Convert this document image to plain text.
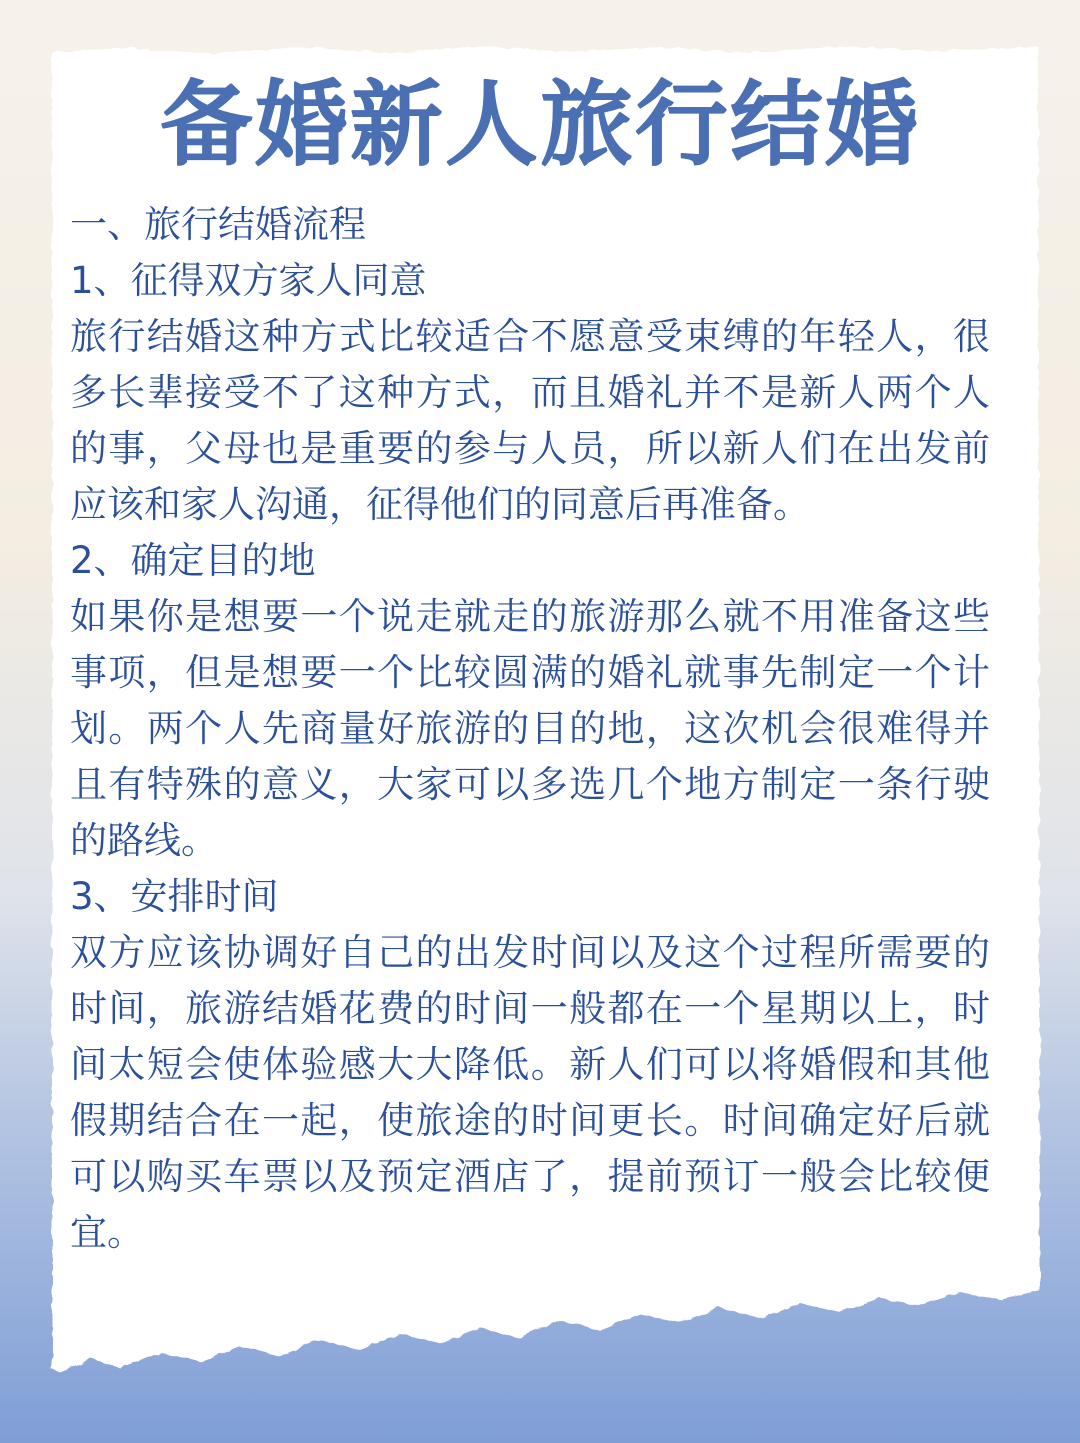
备婚新人旅行结婚

一、旅行结婚流程

1、征得双方家人同意

旅行结婚这种方式比较适合不愿意受束缚的年轻人，很多长辈接受不了这种方式，而且婚礼并不是新人两个人的事，父母也是重要的参与人员，所以新人们在出发前应该和家人沟通，征得他们的同意后再准备。

2、确定目的地

如果你是想要一个说走就走的旅游那么就不用准备这些事项，但是想要一个比较圆满的婚礼就事先制定一个计划。两个人先商量好旅游的目的地，这次机会很难得并且有特殊的意义，大家可以多选几个地方制定一条行驶的路线。

3、安排时间

双方应该协调好自己的出发时间以及这个过程所需要的时间，旅游结婚花费的时间一般都在一个星期以上，时间太短会使体验感大大降低。新人们可以将婚假和其他假期结合在一起，使旅途的时间更长。时间确定好后就可以购买车票以及预定酒店了，提前预订一般会比较便宜。
